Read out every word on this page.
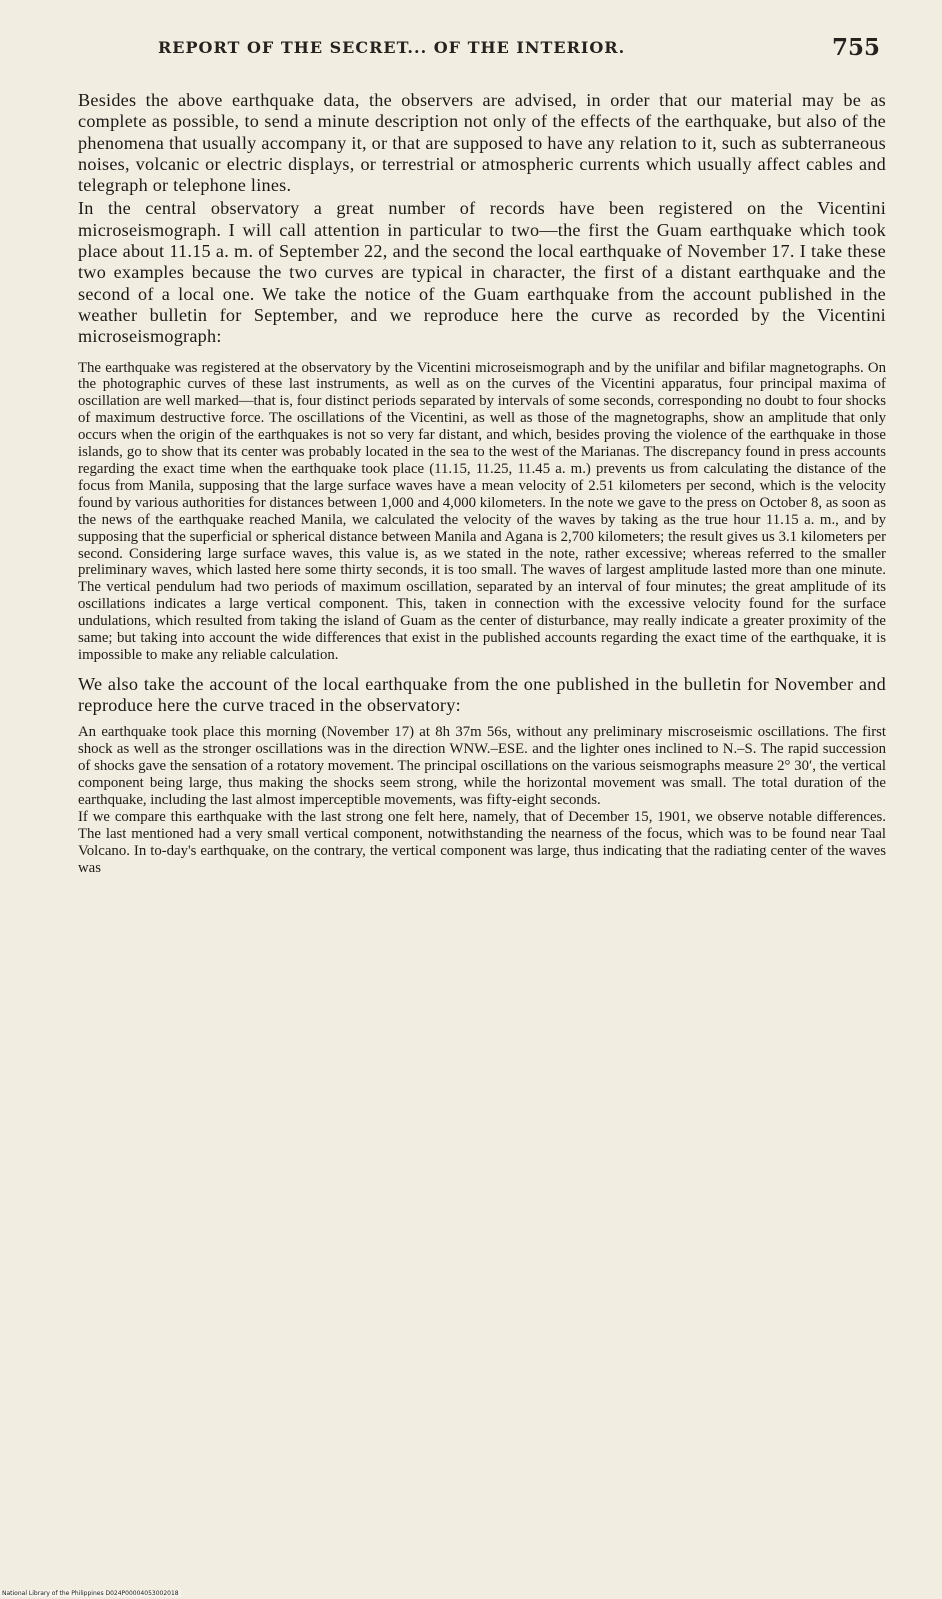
REPORT OF THE SECRET... OF THE INTERIOR.	755

Besides the above earthquake data, the observers are advised, in order that our material may be as complete as possible, to send a minute description not only of the effects of the earthquake, but also of the phenomena that usually accompany it, or that are supposed to have any relation to it, such as subterraneous noises, volcanic or electric displays, or terrestrial or atmospheric currents which usually affect cables and telegraph or telephone lines.

In the central observatory a great number of records have been registered on the Vicentini microseismograph. I will call attention in particular to two—the first the Guam earthquake which took place about 11.15 a. m. of September 22, and the second the local earthquake of November 17. I take these two examples because the two curves are typical in character, the first of a distant earthquake and the second of a local one. We take the notice of the Guam earthquake from the account published in the weather bulletin for September, and we reproduce here the curve as recorded by the Vicentini microseismograph:

The earthquake was registered at the observatory by the Vicentini microseismograph and by the unifilar and bifilar magnetographs. On the photographic curves of these last instruments, as well as on the curves of the Vicentini apparatus, four principal maxima of oscillation are well marked—that is, four distinct periods separated by intervals of some seconds, corresponding no doubt to four shocks of maximum destructive force. The oscillations of the Vicentini, as well as those of the magnetographs, show an amplitude that only occurs when the origin of the earthquakes is not so very far distant, and which, besides proving the violence of the earthquake in those islands, go to show that its center was probably located in the sea to the west of the Marianas. The discrepancy found in press accounts regarding the exact time when the earthquake took place (11.15, 11.25, 11.45 a. m.) prevents us from calculating the distance of the focus from Manila, supposing that the large surface waves have a mean velocity of 2.51 kilometers per second, which is the velocity found by various authorities for distances between 1,000 and 4,000 kilometers. In the note we gave to the press on October 8, as soon as the news of the earthquake reached Manila, we calculated the velocity of the waves by taking as the true hour 11.15 a. m., and by supposing that the superficial or spherical distance between Manila and Agana is 2,700 kilometers; the result gives us 3.1 kilometers per second. Considering large surface waves, this value is, as we stated in the note, rather excessive; whereas referred to the smaller preliminary waves, which lasted here some thirty seconds, it is too small. The waves of largest amplitude lasted more than one minute. The vertical pendulum had two periods of maximum oscillation, separated by an interval of four minutes; the great amplitude of its oscillations indicates a large vertical component. This, taken in connection with the excessive velocity found for the surface undulations, which resulted from taking the island of Guam as the center of disturbance, may really indicate a greater proximity of the same; but taking into account the wide differences that exist in the published accounts regarding the exact time of the earthquake, it is impossible to make any reliable calculation.

We also take the account of the local earthquake from the one published in the bulletin for November and reproduce here the curve traced in the observatory:

An earthquake took place this morning (November 17) at 8h 37m 56s, without any preliminary miscroseismic oscillations. The first shock as well as the stronger oscillations was in the direction WNW.–ESE. and the lighter ones inclined to N.–S. The rapid succession of shocks gave the sensation of a rotatory movement. The principal oscillations on the various seismographs measure 2° 30′, the vertical component being large, thus making the shocks seem strong, while the horizontal movement was small. The total duration of the earthquake, including the last almost imperceptible movements, was fifty-eight seconds.

If we compare this earthquake with the last strong one felt here, namely, that of December 15, 1901, we observe notable differences. The last mentioned had a very small vertical component, notwithstanding the nearness of the focus, which was to be found near Taal Volcano. In to-day's earthquake, on the contrary, the vertical component was large, thus indicating that the radiating center of the waves was

National Library of the Philippines D024P00004053002018
